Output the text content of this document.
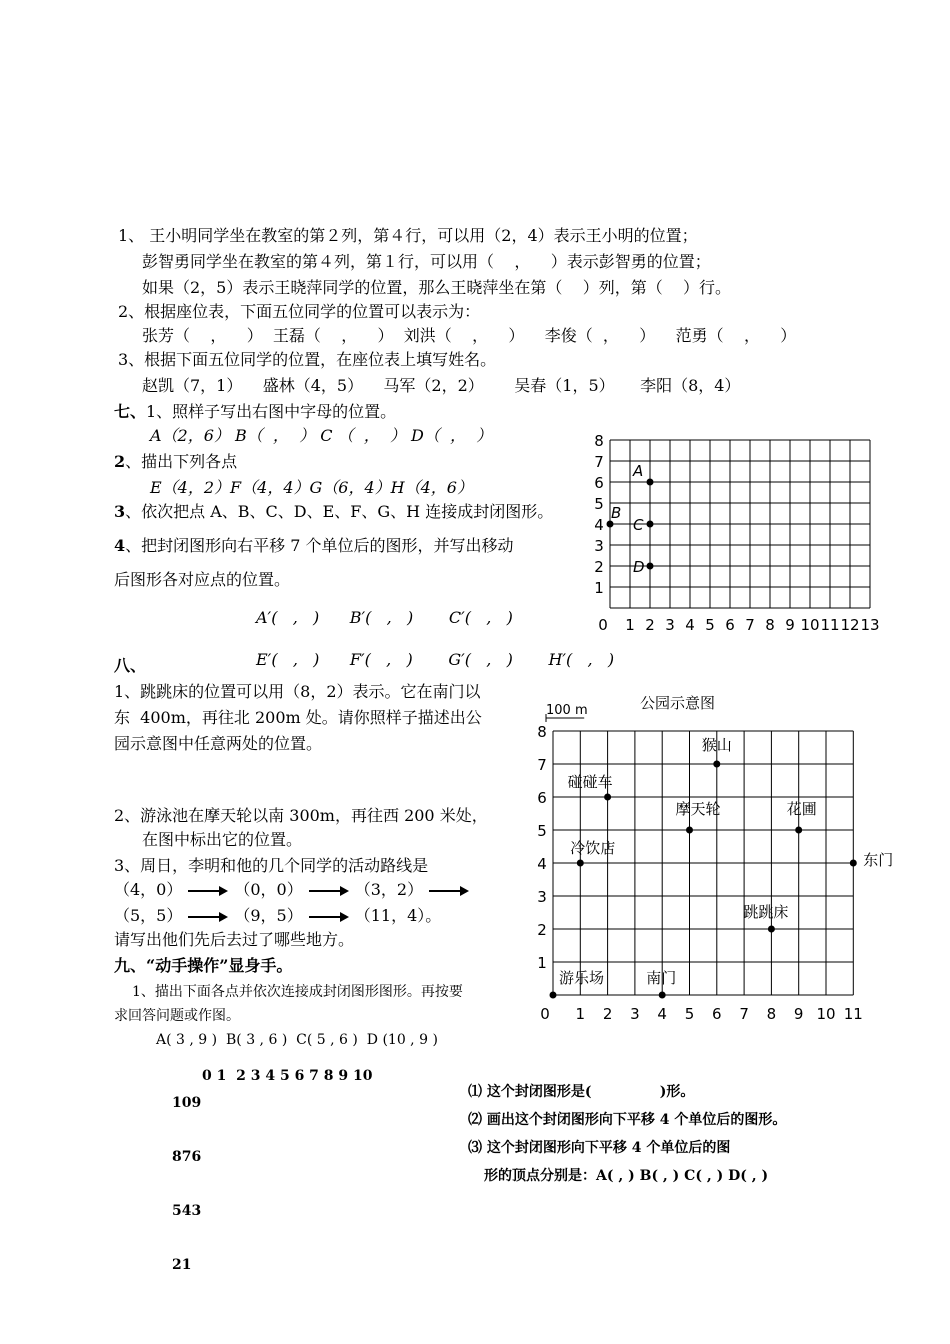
1、 王小明同学坐在教室的第２列，第４行，可以用（2，4）表示王小明的位置；
彭智勇同学坐在教室的第４列，第１行，可以用（    ，    ）表示彭智勇的位置；
如果（2，5）表示王晓萍同学的位置，那么王晓萍坐在第（    ）列，第（    ）行。
2、根据座位表，下面五位同学的位置可以表示为：
张芳（    ，    ）  王磊（    ，    ）  刘洪（    ，    ）    李俊（  ，    ）    范勇（    ，    ）
3、根据下面五位同学的位置，在座位表上填写姓名。
赵凯（7，1）    盛林（4，5）    马军（2，2）      吴春（1，5）     李阳（8，4）
七、 1、照样子写出右图中字母的位置。
A（2，6） B（  ，  ） C （  ，  ） D（  ，  ）
2、描出下列各点
E（4，2）F（4，4）G（6，4）H（4，6）
3、依次把点 A、B、C、D、E、F、G、H 连接成封闭图形。
4、把封闭图形向右平移 7 个单位后的图形，并写出移动
后图形各对应点的位置。
A′(   ,   )      B′(   ,   )       C′(   ,   )
八、	E′(   ,   )      F′(   ,   )       G′(   ,   )       H′(   ,   )
1
2
3
4
5
6
7
8
0 1 2 3 4 5 6 7 8 9 10 11 12 13
A
B
C
D
1、跳跳床的位置可以用（8，2）表示。它在南门以
东  400m，再往北 200m 处。请你照样子描述出公
园示意图中任意两处的位置。
2、游泳池在摩天轮以南 300m，再往西 200 米处，
在图中标出它的位置。
3、周日，李明和他的几个同学的活动路线是
（4，0）	（0，0）	（3，2）
（5，5）	（9，5）	（11，4）。
请写出他们先后去过了哪些地方。
公园示意图
100 m
1
2
3
4
5
6
7
8
0 1 2 3 4 5 6 7 8 9 10 11
猴山
碰碰车
摩天轮	花圃
冷饮店
东门
跳跳床
游乐场	南门
九、“动手操作”显身手。
1、描出下面各点并依次连接成封闭图形图形。再按要
求回答问题或作图。
A( 3 , 9 )  B( 3 , 6 )  C( 5 , 6 )  D (10 , 9 )

109

876

543

21

0 1  2 3 4 5 6 7 8 9 10
⑴ 这个封闭图形是(              )形。
⑵ 画出这个封闭图形向下平移 4 个单位后的图形。
⑶ 这个封闭图形向下平移 4 个单位后的图
形的顶点分别是：A( , ) B( , ) C( , ) D( , )
